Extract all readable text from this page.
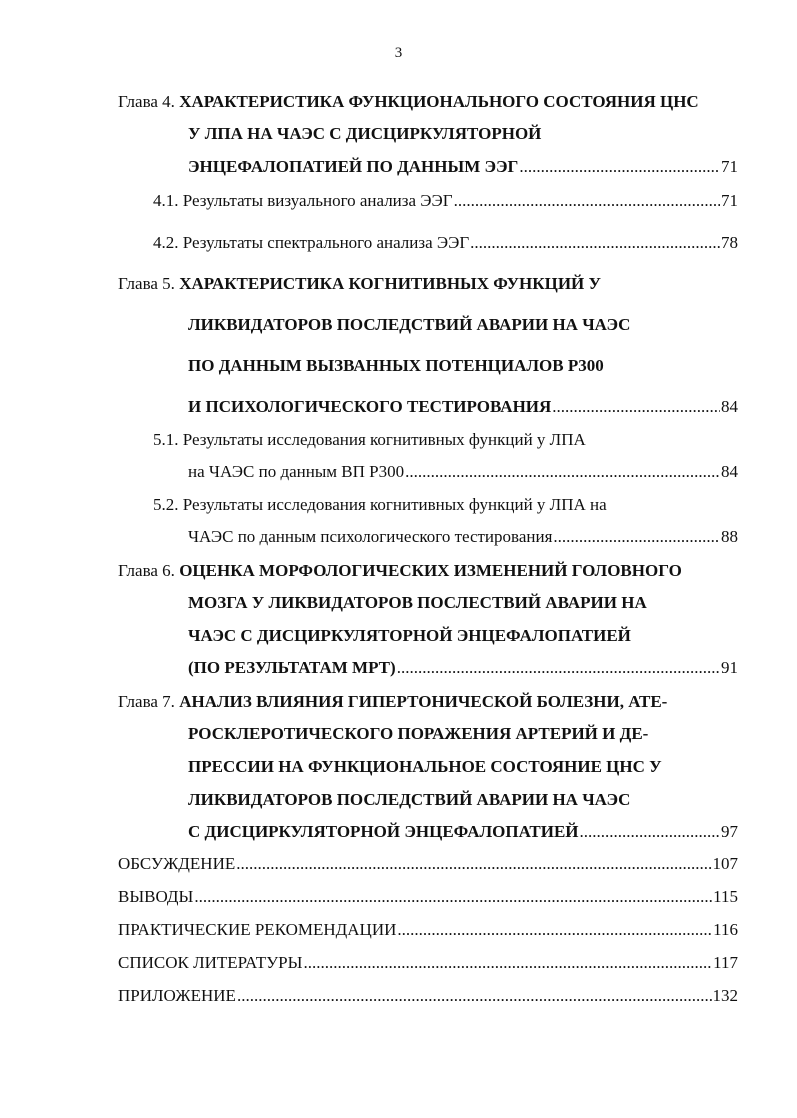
3
Глава 4. ХАРАКТЕРИСТИКА ФУНКЦИОНАЛЬНОГО СОСТОЯНИЯ ЦНС
У ЛПА НА ЧАЭС С ДИСЦИРКУЛЯТОРНОЙ
ЭНЦЕФАЛОПАТИЕЙ ПО ДАННЫМ ЭЭГ .....	71
4.1. Результаты визуального анализа ЭЭГ .....	71
4.2. Результаты спектрального анализа ЭЭГ .....	78
Глава 5. ХАРАКТЕРИСТИКА КОГНИТИВНЫХ ФУНКЦИЙ У
ЛИКВИДАТОРОВ ПОСЛЕДСТВИЙ АВАРИИ НА ЧАЭС
ПО ДАННЫМ ВЫЗВАННЫХ ПОТЕНЦИАЛОВ Р300
И ПСИХОЛОГИЧЕСКОГО ТЕСТИРОВАНИЯ .....	84
5.1. Результаты исследования когнитивных функций у ЛПА
на ЧАЭС по данным ВП Р300 .....	84
5.2. Результаты исследования когнитивных функций у ЛПА на
ЧАЭС по данным психологического тестирования .....	88
Глава 6. ОЦЕНКА МОРФОЛОГИЧЕСКИХ ИЗМЕНЕНИЙ ГОЛОВНОГО
МОЗГА У ЛИКВИДАТОРОВ ПОСЛЕСТВИЙ АВАРИИ НА
ЧАЭС С ДИСЦИРКУЛЯТОРНОЙ ЭНЦЕФАЛОПАТИЕЙ
(ПО РЕЗУЛЬТАТАМ МРТ) .....	91
Глава 7. АНАЛИЗ ВЛИЯНИЯ ГИПЕРТОНИЧЕСКОЙ БОЛЕЗНИ, АТЕ-
РОСКЛЕРОТИЧЕСКОГО ПОРАЖЕНИЯ АРТЕРИЙ И ДЕ-
ПРЕССИИ НА ФУНКЦИОНАЛЬНОЕ СОСТОЯНИЕ ЦНС У
ЛИКВИДАТОРОВ ПОСЛЕДСТВИЙ АВАРИИ НА ЧАЭС
С ДИСЦИРКУЛЯТОРНОЙ ЭНЦЕФАЛОПАТИЕЙ .....	97
ОБСУЖДЕНИЕ .....	107
ВЫВОДЫ .....	115
ПРАКТИЧЕСКИЕ РЕКОМЕНДАЦИИ .....	116
СПИСОК ЛИТЕРАТУРЫ .....	117
ПРИЛОЖЕНИЕ .....	132
